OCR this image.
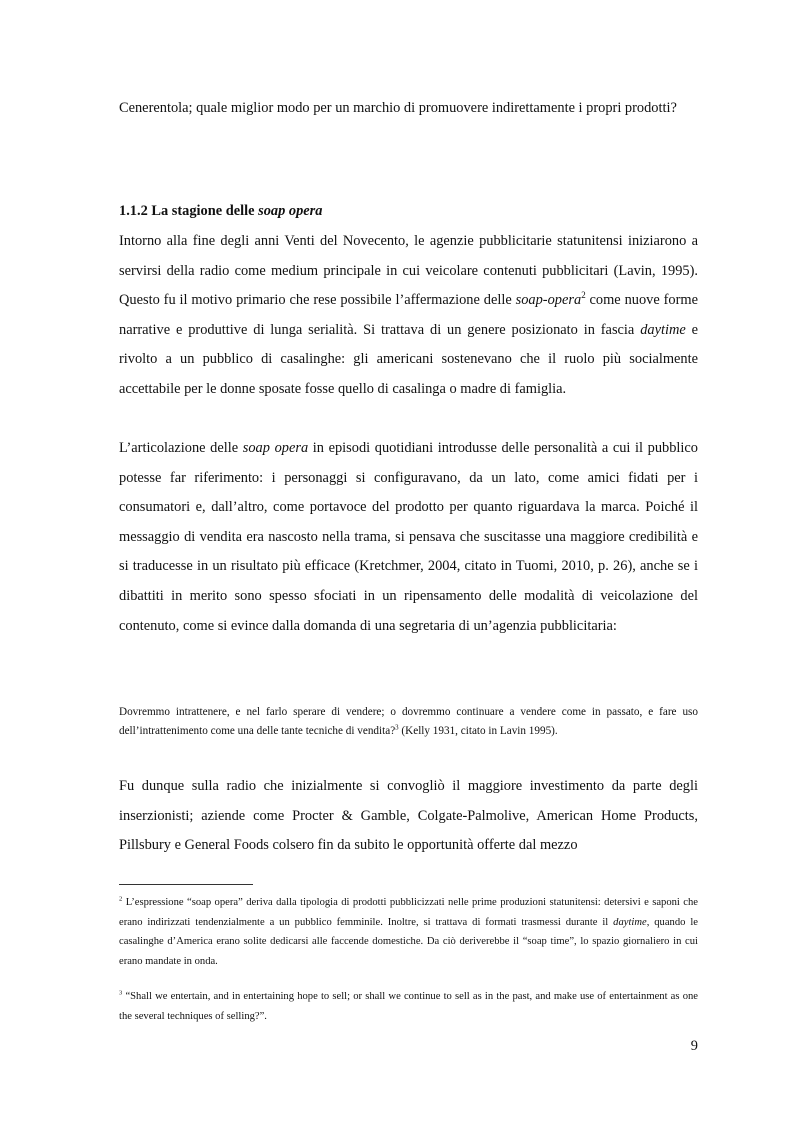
Cenerentola; quale miglior modo per un marchio di promuovere indirettamente i propri prodotti?

1.1.2 La stagione delle soap opera

Intorno alla fine degli anni Venti del Novecento, le agenzie pubblicitarie statunitensi iniziarono a servirsi della radio come medium principale in cui veicolare contenuti pubblicitari (Lavin, 1995). Questo fu il motivo primario che rese possibile l’affermazione delle soap-opera$^2$ come nuove forme narrative e produttive di lunga serialità. Si trattava di un genere posizionato in fascia daytime e rivolto a un pubblico di casalinghe: gli americani sostenevano che il ruolo più socialmente accettabile per le donne sposate fosse quello di casalinga o madre di famiglia.

L’articolazione delle soap opera in episodi quotidiani introdusse delle personalità a cui il pubblico potesse far riferimento: i personaggi si configuravano, da un lato, come amici fidati per i consumatori e, dall’altro, come portavoce del prodotto per quanto riguardava la marca. Poiché il messaggio di vendita era nascosto nella trama, si pensava che suscitasse una maggiore credibilità e si traducesse in un risultato più efficace (Kretchmer, 2004, citato in Tuomi, 2010, p. 26), anche se i dibattiti in merito sono spesso sfociati in un ripensamento delle modalità di veicolazione del contenuto, come si evince dalla domanda di una segretaria di un’agenzia pubblicitaria:

Dovremmo intrattenere, e nel farlo sperare di vendere; o dovremmo continuare a vendere come in passato, e fare uso dell’intrattenimento come una delle tante tecniche di vendita?$^3$ (Kelly 1931, citato in Lavin 1995).

Fu dunque sulla radio che inizialmente si convogliò il maggiore investimento da parte degli inserzionisti; aziende come Procter & Gamble, Colgate-Palmolive, American Home Products, Pillsbury e General Foods colsero fin da subito le opportunità offerte dal mezzo

$^2$ L’espressione “soap opera” deriva dalla tipologia di prodotti pubblicizzati nelle prime produzioni statunitensi: detersivi e saponi che erano indirizzati tendenzialmente a un pubblico femminile. Inoltre, si trattava di formati trasmessi durante il daytime, quando le casalinghe d’America erano solite dedicarsi alle faccende domestiche. Da ciò deriverebbe il “soap time”, lo spazio giornaliero in cui erano mandate in onda.

$^3$ “Shall we entertain, and in entertaining hope to sell; or shall we continue to sell as in the past, and make use of entertainment as one the several techniques of selling?”.

9
